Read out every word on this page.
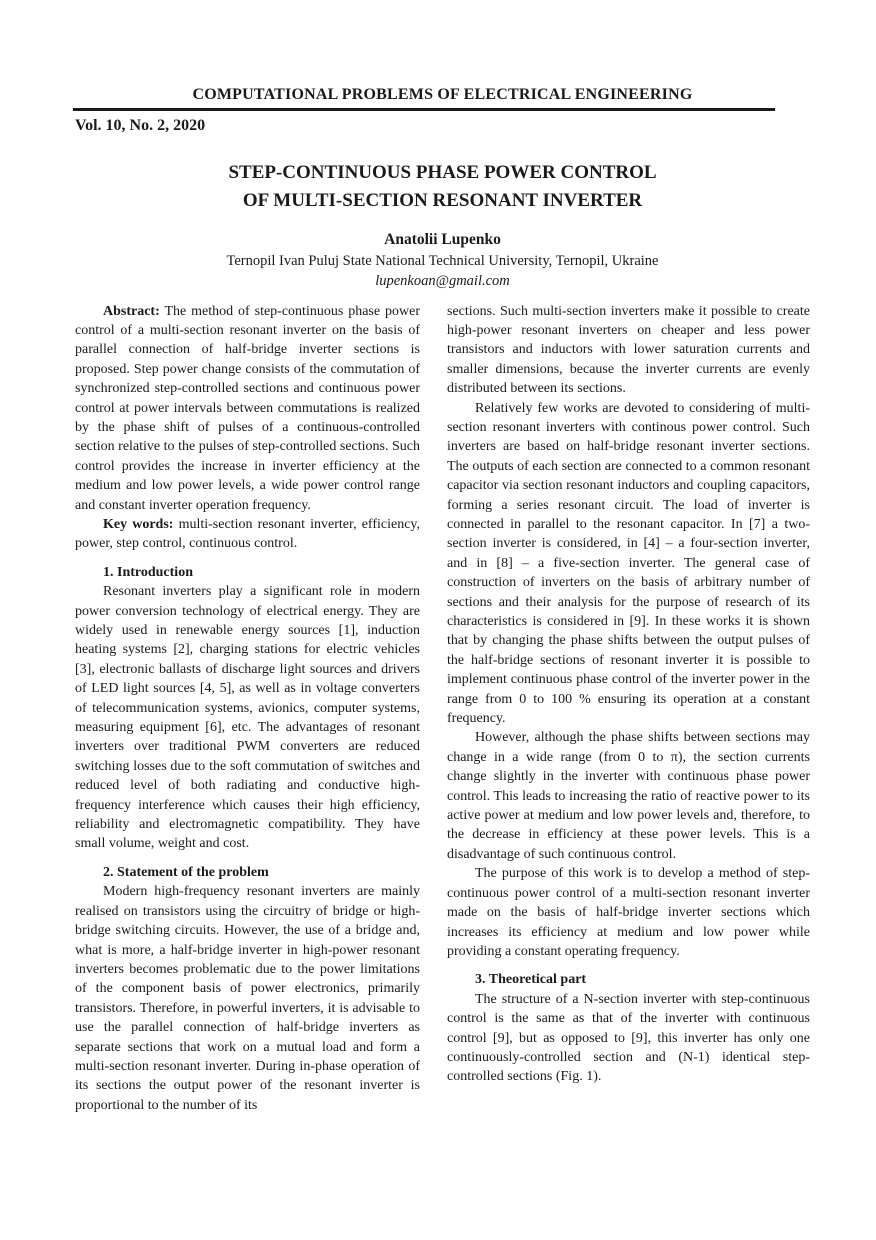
COMPUTATIONAL PROBLEMS OF ELECTRICAL ENGINEERING
Vol. 10, No. 2, 2020
STEP-CONTINUOUS PHASE POWER CONTROL
OF MULTI-SECTION RESONANT INVERTER
Anatolii Lupenko
Ternopil Ivan Puluj State National Technical University, Ternopil, Ukraine
lupenkoan@gmail.com

Abstract: The method of step-continuous phase power control of a multi-section resonant inverter on the basis of parallel connection of half-bridge inverter sections is proposed. Step power change consists of the commutation of synchronized step-controlled sections and continuous power control at power intervals between commutations is realized by the phase shift of pulses of a continuous-controlled section relative to the pulses of step-controlled sections. Such control provides the increase in inverter efficiency at the medium and low power levels, a wide power control range and constant inverter operation frequency.

Key words: multi-section resonant inverter, efficiency, power, step control, continuous control.

1. Introduction

Resonant inverters play a significant role in modern power conversion technology of electrical energy. They are widely used in renewable energy sources [1], induction heating systems [2], charging stations for electric vehicles [3], electronic ballasts of discharge light sources and drivers of LED light sources [4, 5], as well as in voltage converters of telecommunication systems, avionics, computer systems, measuring equipment [6], etc. The advantages of resonant inverters over traditional PWM converters are reduced switching losses due to the soft commutation of switches and reduced level of both radiating and conductive high-frequency interference which causes their high efficiency, reliability and electromagnetic compatibility. They have small volume, weight and cost.

2. Statement of the problem

Modern high-frequency resonant inverters are mainly realised on transistors using the circuitry of bridge or high-bridge switching circuits. However, the use of a bridge and, what is more, a half-bridge inverter in high-power resonant inverters becomes problematic due to the power limitations of the component basis of power electronics, primarily transistors. Therefore, in powerful inverters, it is advisable to use the parallel connection of half-bridge inverters as separate sections that work on a mutual load and form a multi-section resonant inverter. During in-phase operation of its sections the output power of the resonant inverter is proportional to the number of its

sections. Such multi-section inverters make it possible to create high-power resonant inverters on cheaper and less power transistors and inductors with lower saturation currents and smaller dimensions, because the inverter currents are evenly distributed between its sections.

Relatively few works are devoted to considering of multi-section resonant inverters with continous power control. Such inverters are based on half-bridge resonant inverter sections. The outputs of each section are connected to a common resonant capacitor via section resonant inductors and coupling capacitors, forming a series resonant circuit. The load of inverter is connected in parallel to the resonant capacitor. In [7] a two-section inverter is considered, in [4] – a four-section inverter, and in [8] – a five-section inverter. The general case of construction of inverters on the basis of arbitrary number of sections and their analysis for the purpose of research of its characteristics is considered in [9]. In these works it is shown that by changing the phase shifts between the output pulses of the half-bridge sections of resonant inverter it is possible to implement continuous phase control of the inverter power in the range from 0 to 100 % ensuring its operation at a constant frequency.

However, although the phase shifts between sections may change in a wide range (from 0 to π), the section currents change slightly in the inverter with continuous phase power control. This leads to increasing the ratio of reactive power to its active power at medium and low power levels and, therefore, to the decrease in efficiency at these power levels. This is a disadvantage of such continuous control.

The purpose of this work is to develop a method of step-continuous power control of a multi-section resonant inverter made on the basis of half-bridge inverter sections which increases its efficiency at medium and low power while providing a constant operating frequency.

3. Theoretical part

The structure of a N-section inverter with step-continuous control is the same as that of the inverter with continuous control [9], but as opposed to [9], this inverter has only one continuously-controlled section and (N-1) identical step-controlled sections (Fig. 1).
